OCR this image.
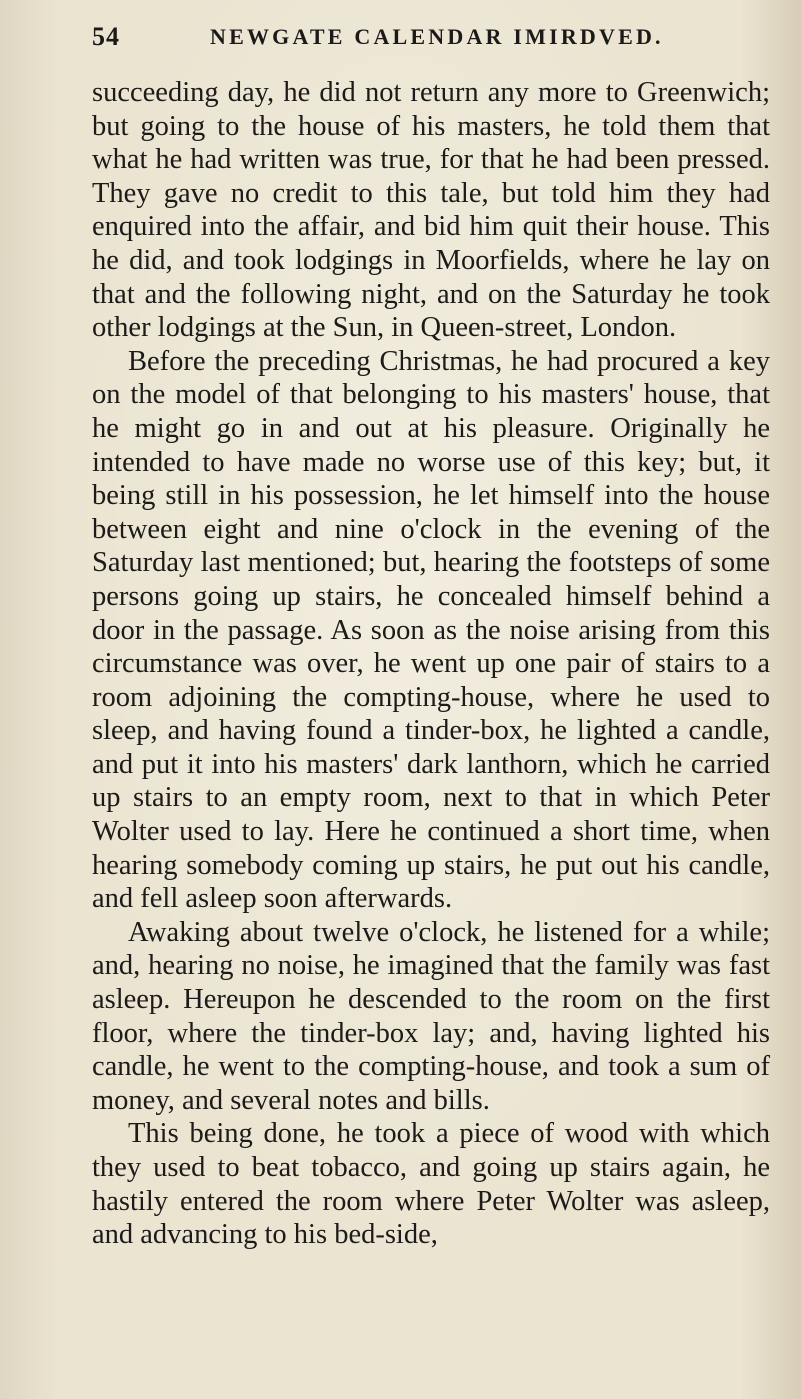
54	NEWGATE CALENDAR IMIRDVED.

succeeding day, he did not return any more to Greenwich; but going to the house of his masters, he told them that what he had written was true, for that he had been pressed. They gave no credit to this tale, but told him they had enquired into the affair, and bid him quit their house. This he did, and took lodgings in Moorfields, where he lay on that and the following night, and on the Saturday he took other lodgings at the Sun, in Queen-street, London.

Before the preceding Christmas, he had procured a key on the model of that belonging to his masters' house, that he might go in and out at his pleasure. Originally he intended to have made no worse use of this key; but, it being still in his possession, he let himself into the house between eight and nine o'clock in the evening of the Saturday last mentioned; but, hearing the footsteps of some persons going up stairs, he concealed himself behind a door in the passage. As soon as the noise arising from this circumstance was over, he went up one pair of stairs to a room adjoining the compting-house, where he used to sleep, and having found a tinder-box, he lighted a candle, and put it into his masters' dark lanthorn, which he carried up stairs to an empty room, next to that in which Peter Wolter used to lay. Here he continued a short time, when hearing somebody coming up stairs, he put out his candle, and fell asleep soon afterwards.

Awaking about twelve o'clock, he listened for a while; and, hearing no noise, he imagined that the family was fast asleep. Hereupon he descended to the room on the first floor, where the tinder-box lay; and, having lighted his candle, he went to the compting-house, and took a sum of money, and several notes and bills.

This being done, he took a piece of wood with which they used to beat tobacco, and going up stairs again, he hastily entered the room where Peter Wolter was asleep, and advancing to his bed-side,
